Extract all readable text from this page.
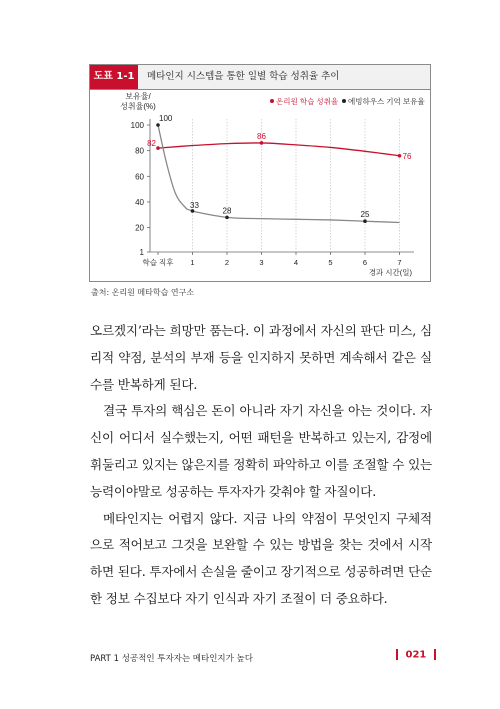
도표 1-1	메타인지 시스템을 통한 일별 학습 성취율 추이
보유율/
성취율(%)
1
20
40
60
80
100
학습 직후 1	2	3	4	5	6	7
경과 시간(일)
82
86
76
100
33
28	25
온리원 학습 성취율 에빙하우스 기억 보유율
출처: 온리원 메타학습 연구소

오르겠지’라는 희망만 품는다. 이 과정에서 자신의 판단 미스, 심리적 약점, 분석의 부재 등을 인지하지 못하면 계속해서 같은 실수를 반복하게 된다.

결국 투자의 핵심은 돈이 아니라 자기 자신을 아는 것이다. 자신이 어디서 실수했는지, 어떤 패턴을 반복하고 있는지, 감정에 휘둘리고 있지는 않은지를 정확히 파악하고 이를 조절할 수 있는 능력이야말로 성공하는 투자자가 갖춰야 할 자질이다.

메타인지는 어렵지 않다. 지금 나의 약점이 무엇인지 구체적으로 적어보고 그것을 보완할 수 있는 방법을 찾는 것에서 시작하면 된다. 투자에서 손실을 줄이고 장기적으로 성공하려면 단순한 정보 수집보다 자기 인식과 자기 조절이 더 중요하다.

PART 1 성공적인 투자자는 메타인지가 높다	021
